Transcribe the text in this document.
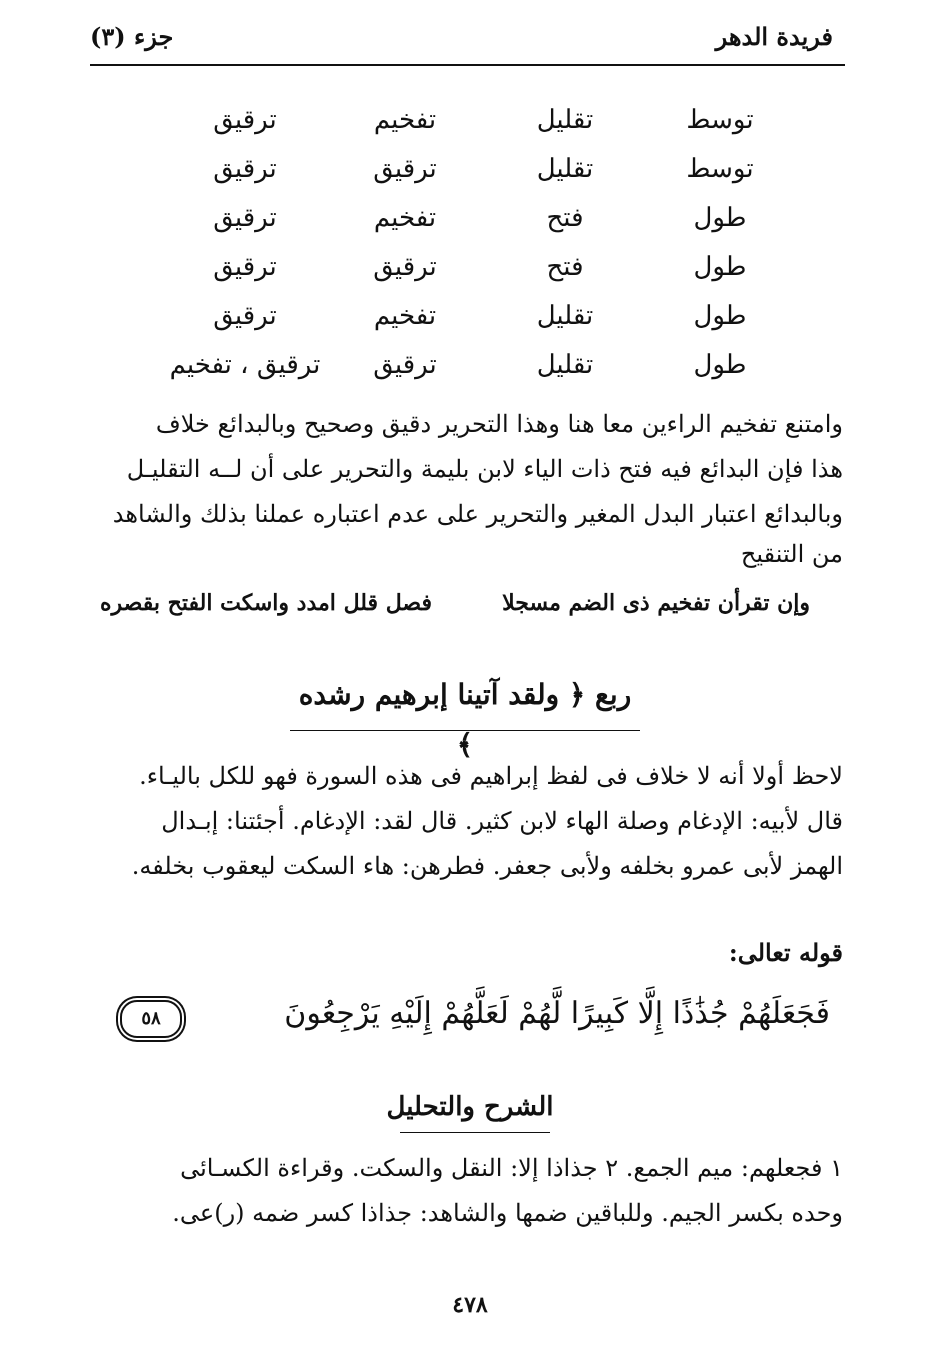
فريدة الدهر
جزء (٣)
توسط
تقليل
تفخيم
ترقيق
توسط
تقليل
ترقيق
ترقيق
طول
فتح
تفخيم
ترقيق
طول
فتح
ترقيق
ترقيق
طول
تقليل
تفخيم
ترقيق
طول
تقليل
ترقيق
ترقيق ، تفخيم

وامتنع تفخيم الراءين معا هنا وهذا التحرير دقيق وصحيح وبالبدائع خلاف

هذا فإن البدائع فيه فتح ذات الياء لابن بليمة والتحرير على أن لــه التقليـل

وبالبدائع اعتبار البدل المغير والتحرير على عدم اعتباره عملنا بذلك والشاهد

من التنقيح

وإن تقرأن تفخيم ذى الضم مسجلا
فصل قلل امدد واسكت الفتح بقصره
ربع ﴿ ولقد آتينا إبرهيم رشده ﴾

لاحظ أولا أنه لا خلاف فى لفظ إبراهيم فى هذه السورة فهو للكل باليـاء.

قال لأبيه: الإدغام وصلة الهاء لابن كثير. قال لقد: الإدغام. أجئتنا: إبـدال

الهمز لأبى عمرو بخلفه ولأبى جعفر. فطرهن: هاء السكت ليعقوب بخلفه.

قوله تعالى:
فَجَعَلَهُمْ جُذَٰذًا إِلَّا كَبِيرًا لَّهُمْ لَعَلَّهُمْ إِلَيْهِ يَرْجِعُونَ
٥٨
الشرح والتحليل

١ فجعلهم: ميم الجمع. ٢ جذاذا إلا: النقل والسكت. وقراءة الكسـائى

وحده بكسر الجيم. وللباقين ضمها والشاهد: جذاذا كسر ضمه (ر)عى.

٤٧٨
